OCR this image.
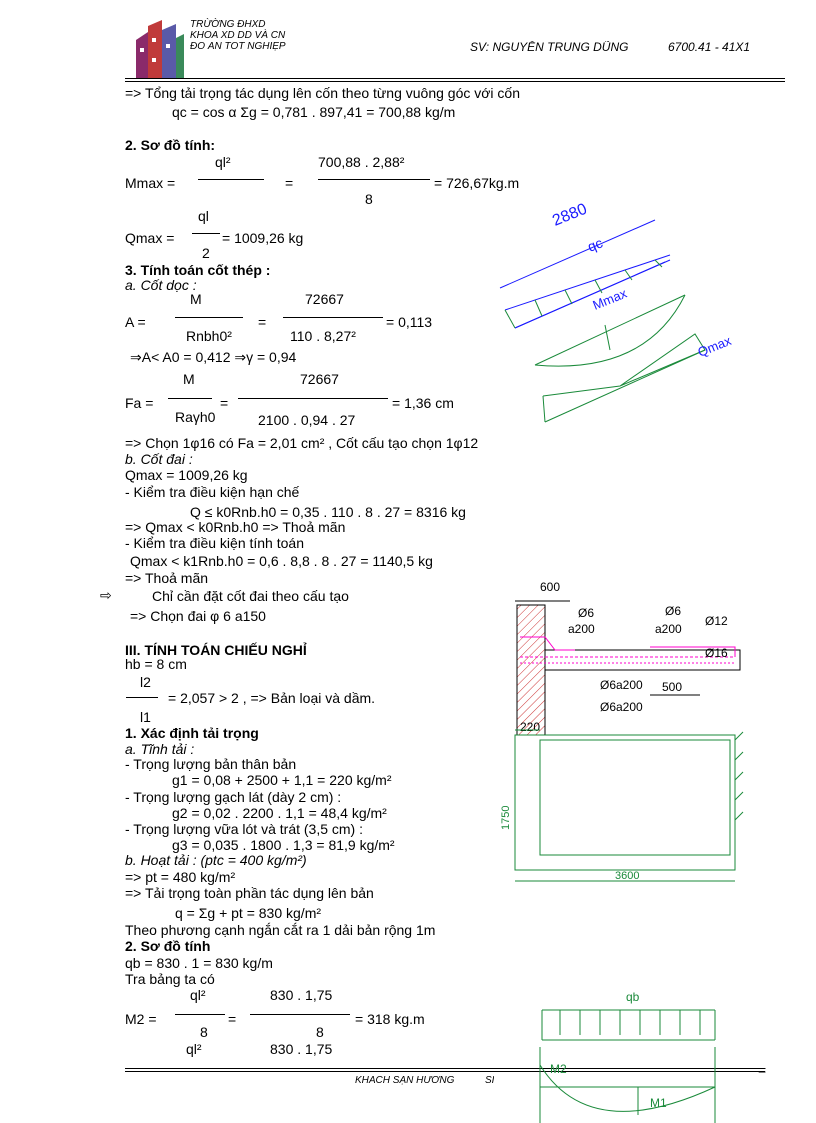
TRỪỜNG ĐHXD
KHOA XD DD VÀ CN
ĐỒ ÁN TỐT NGHIỆP	SV: NGUYỄN TRUNG DŨNG	6700.41 - 41X1
=> Tổng tải trọng tác dụng lên cốn theo từng vuông góc với cốn
qc = cos α Σg = 0,781 . 897,41 = 700,88 kg/m
2. Sơ đồ tính:
Mmax =
ql²
=
700,88 . 2,88²
8
= 726,67kg.m
Qmax =
ql
2
= 1009,26 kg
3. Tính toán cốt thép :
a. Cốt dọc :
A =
M
Rnbh0²
=
72667
110 . 8,27²
= 0,113
⇒A< A0 = 0,412 ⇒γ = 0,94
Fa =
M
Raγh0
=
72667
2100 . 0,94 . 27
= 1,36 cm
=> Chọn 1φ16 có Fa = 2,01 cm² , Cốt cấu tạo chọn 1φ12
b. Cốt đai :
Qmax = 1009,26 kg
- Kiểm tra điều kiện hạn chế
Q ≤ k0Rnb.h0 = 0,35 . 110 . 8 . 27 = 8316 kg
=> Qmax < k0Rnb.h0 => Thoả mãn
- Kiểm tra điều kiện tính toán
Qmax < k1Rnb.h0 = 0,6 . 8,8 . 8 . 27 = 1140,5 kg
=> Thoả mãn
⇨	Chỉ cần đặt cốt đai theo cấu tạo
=> Chọn đai φ 6 a150
III. TÍNH TOÁN CHIẾU NGHỈ
hb = 8 cm
l2
l1
= 2,057 > 2 , => Bản loại và dầm.
1. Xác định tải trọng
a. Tĩnh tải :
- Trọng lượng bản thân bản
g1 = 0,08 + 2500 + 1,1 = 220 kg/m²
- Trọng lượng gạch lát (dày 2 cm) :
g2 = 0,02 . 2200 . 1,1 = 48,4 kg/m²
- Trọng lượng vữa lót và trát (3,5 cm) :
g3 = 0,035 . 1800 . 1,3 = 81,9 kg/m²
b. Hoạt tải : (ptc = 400 kg/m²)
=> pt = 480 kg/m²
=> Tải trọng toàn phần tác dụng lên bản
q = Σg + pt = 830 kg/m²
Theo phương cạnh ngắn cắt ra 1 dải bản rộng 1m
2. Sơ đồ tính
qb = 830 . 1 = 830 kg/m
Tra bảng ta có
M2 =
ql²
8
=
830 . 1,75
8
= 318 kg.m
ql²	830 . 1,75
KHÁCH SẠN HƯƠNG	SI
=
2880
qc
Mmax
Qmax
600
Ø6
a200
Ø6
a200
Ø12
Ø16
Ø6a200
Ø6a200
500
220
1750
3600
qb
M2
M1
